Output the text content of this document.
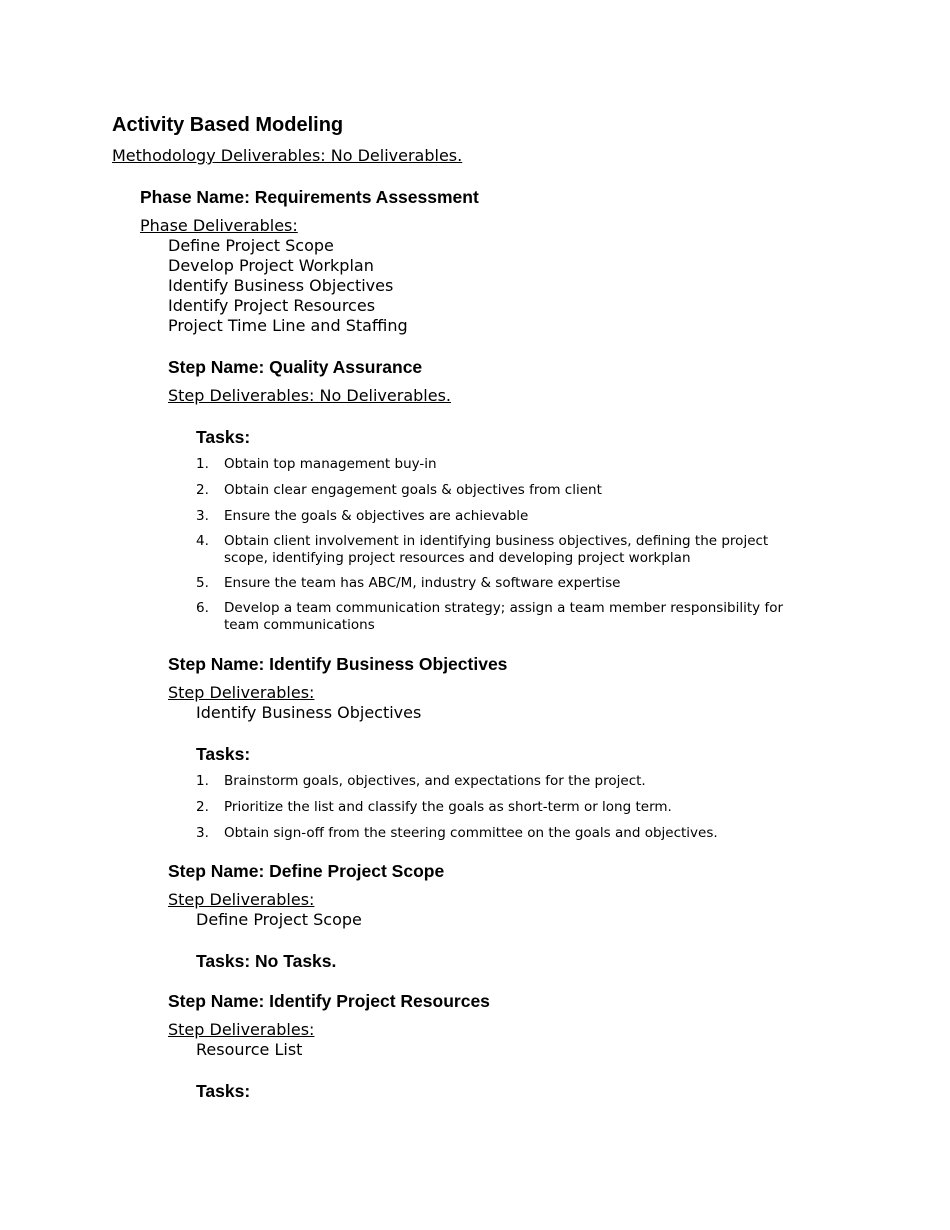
Activity Based Modeling
Methodology Deliverables: No Deliverables.
Phase Name: Requirements Assessment
Phase Deliverables:
Define Project Scope
Develop Project Workplan
Identify Business Objectives
Identify Project Resources
Project Time Line and Staffing
Step Name: Quality Assurance
Step Deliverables: No Deliverables.
Tasks:
1. Obtain top management buy-in
2. Obtain clear engagement goals & objectives from client
3. Ensure the goals & objectives are achievable
4. Obtain client involvement in identifying business objectives, defining the project scope, identifying project resources and developing project workplan
5. Ensure the team has ABC/M, industry & software expertise
6. Develop a team communication strategy; assign a team member responsibility for team communications
Step Name: Identify Business Objectives
Step Deliverables:
Identify Business Objectives
Tasks:
1. Brainstorm goals, objectives, and expectations for the project.
2. Prioritize the list and classify the goals as short-term or long term.
3. Obtain sign-off from the steering committee on the goals and objectives.
Step Name: Define Project Scope
Step Deliverables:
Define Project Scope
Tasks: No Tasks.
Step Name: Identify Project Resources
Step Deliverables:
Resource List
Tasks:
